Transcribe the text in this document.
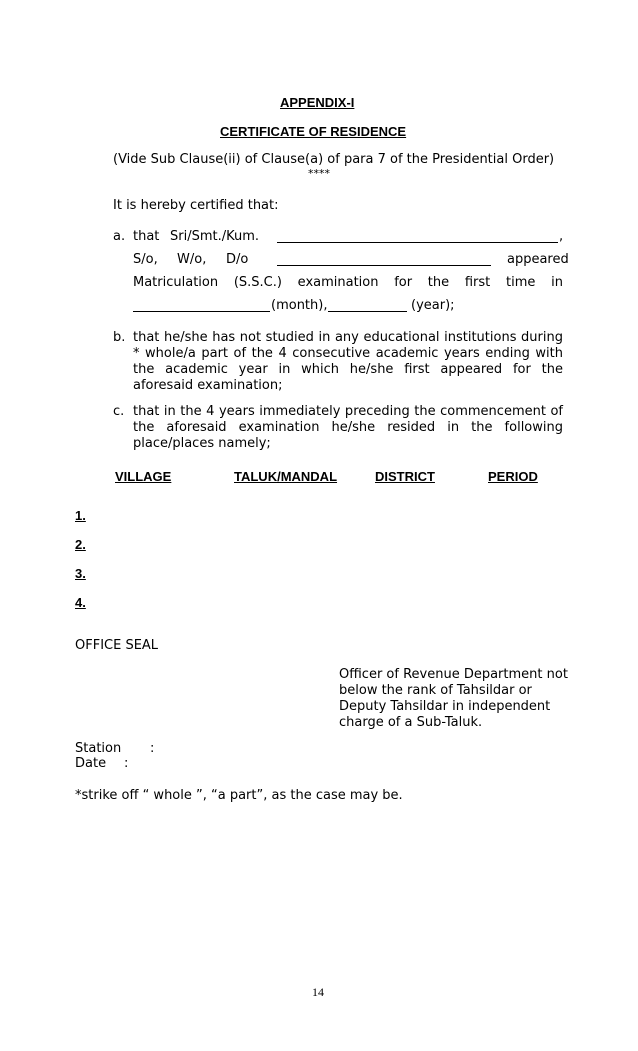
APPENDIX-I
CERTIFICATE OF RESIDENCE
(Vide Sub Clause(ii) of Clause(a) of para 7 of the Presidential Order)
****
It is hereby certified that:
a. that Sri/Smt./Kum.	,
S/o, W/o, D/o	appeared
Matriculation (S.S.C.) examination for the first time in
(month),	(year);
b. that he/she has not studied in any educational institutions during * whole/a part of the 4 consecutive academic years ending with the academic year in which he/she first appeared for the aforesaid examination;
c. that in the 4 years immediately preceding the commencement of the aforesaid examination he/she resided in the following place/places namely;
VILLAGE	TALUK/MANDAL	DISTRICT	PERIOD
1.
2.
3.
4.
OFFICE SEAL
Officer of Revenue Department not
below the rank of Tahsildar or
Deputy Tahsildar in independent
charge of a Sub-Taluk.
Station :
Date :
*strike off “ whole ”, “a part”, as the case may be.
14
